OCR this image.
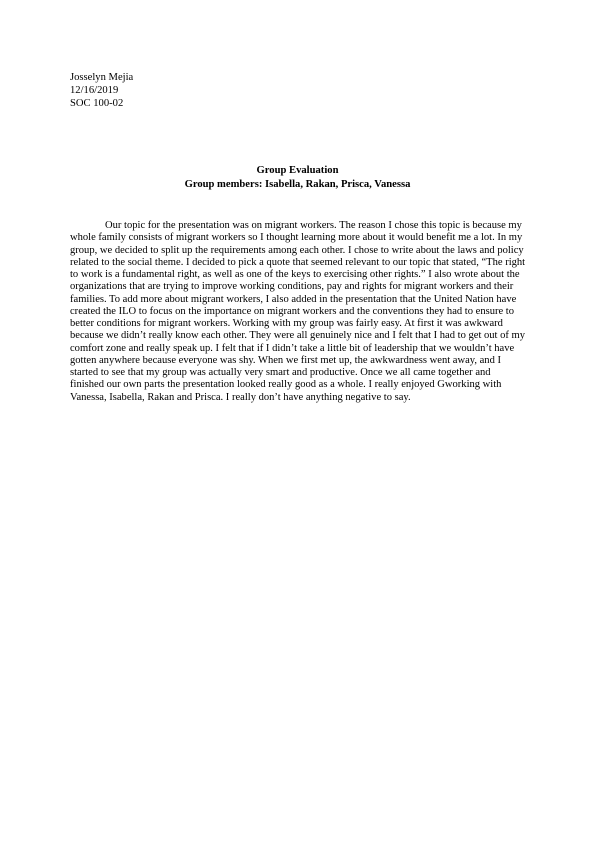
Josselyn Mejia
12/16/2019
SOC 100-02
Group Evaluation
Group members: Isabella, Rakan, Prisca, Vanessa

Our topic for the presentation was on migrant workers. The reason I chose this topic is because my whole family consists of migrant workers so I thought learning more about it would benefit me a lot. In my group, we decided to split up the requirements among each other. I chose to write about the laws and policy related to the social theme. I decided to pick a quote that seemed relevant to our topic that stated, “The right to work is a fundamental right, as well as one of the keys to exercising other rights.” I also wrote about the organizations that are trying to improve working conditions, pay and rights for migrant workers and their families. To add more about migrant workers, I also added in the presentation that the United Nation have created the ILO to focus on the importance on migrant workers and the conventions they had to ensure to better conditions for migrant workers. Working with my group was fairly easy. At first it was awkward because we didn’t really know each other. They were all genuinely nice and I felt that I had to get out of my comfort zone and really speak up. I felt that if I didn’t take a little bit of leadership that we wouldn’t have gotten anywhere because everyone was shy. When we first met up, the awkwardness went away, and I started to see that my group was actually very smart and productive. Once we all came together and finished our own parts the presentation looked really good as a whole. I really enjoyed Gworking with Vanessa, Isabella, Rakan and Prisca. I really don’t have anything negative to say.
